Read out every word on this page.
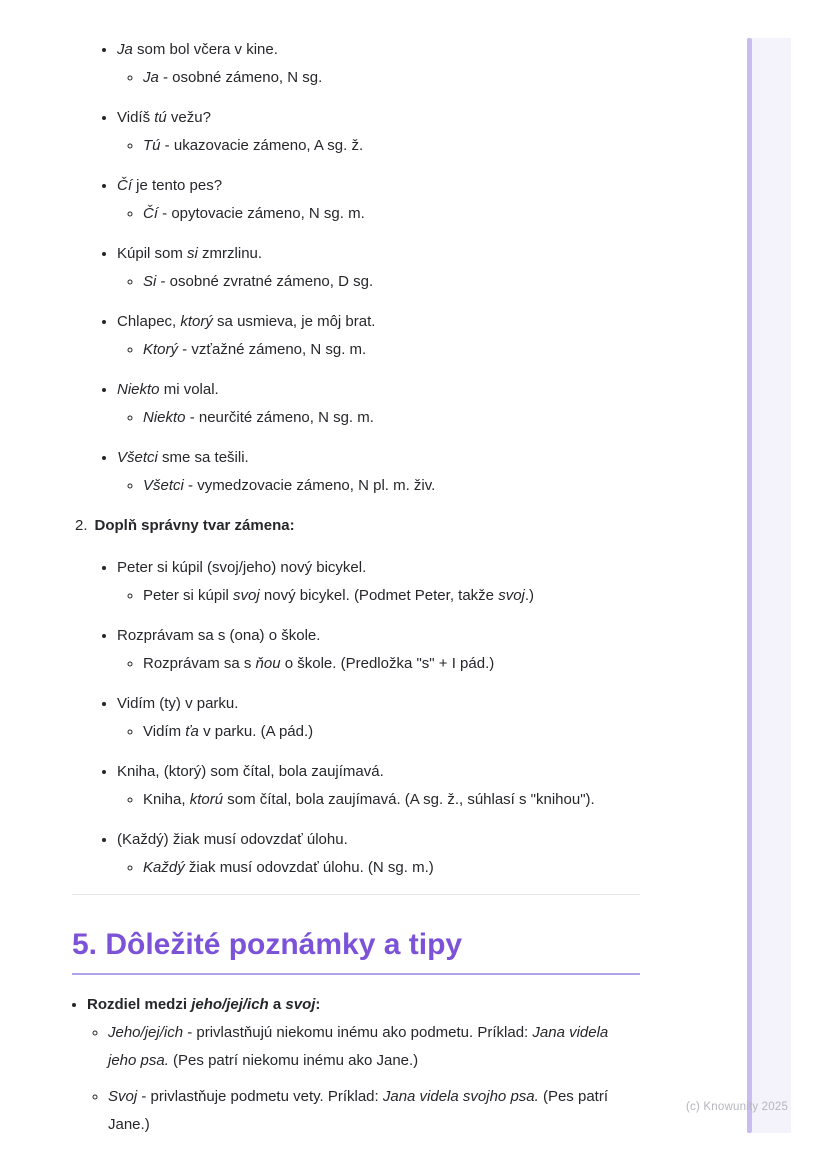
• Ja som bol včera v kine.
◦ Ja - osobné zámeno, N sg.
• Vidíš tú vežu?
◦ Tú - ukazovacie zámeno, A sg. ž.
• Čí je tento pes?
◦ Čí - opytovacie zámeno, N sg. m.
• Kúpil som si zmrzlinu.
◦ Si - osobné zvratné zámeno, D sg.
• Chlapec, ktorý sa usmieva, je môj brat.
◦ Ktorý - vzťažné zámeno, N sg. m.
• Niekto mi volal.
◦ Niekto - neurčité zámeno, N sg. m.
• Všetci sme sa tešili.
◦ Všetci - vymedzovacie zámeno, N pl. m. živ.
2. Doplň správny tvar zámena:
• Peter si kúpil (svoj/jeho) nový bicykel.
◦ Peter si kúpil svoj nový bicykel. (Podmet Peter, takže svoj.)
• Rozprávam sa s (ona) o škole.
◦ Rozprávam sa s ňou o škole. (Predložka "s" + I pád.)
• Vidím (ty) v parku.
◦ Vidím ťa v parku. (A pád.)
• Kniha, (ktorý) som čítal, bola zaujímavá.
◦ Kniha, ktorú som čítal, bola zaujímavá. (A sg. ž., súhlasí s "knihou").
• (Každý) žiak musí odovzdať úlohu.
◦ Každý žiak musí odovzdať úlohu. (N sg. m.)
5. Dôležité poznámky a tipy
• Rozdiel medzi jeho/jej/ich a svoj:
◦ Jeho/jej/ich - privlastňujú niekomu inému ako podmetu. Príklad: Jana videla jeho psa. (Pes patrí niekomu inému ako Jane.)
◦ Svoj - privlastňuje podmetu vety. Príklad: Jana videla svojho psa. (Pes patrí Jane.)
(c) Knowunity 2025
